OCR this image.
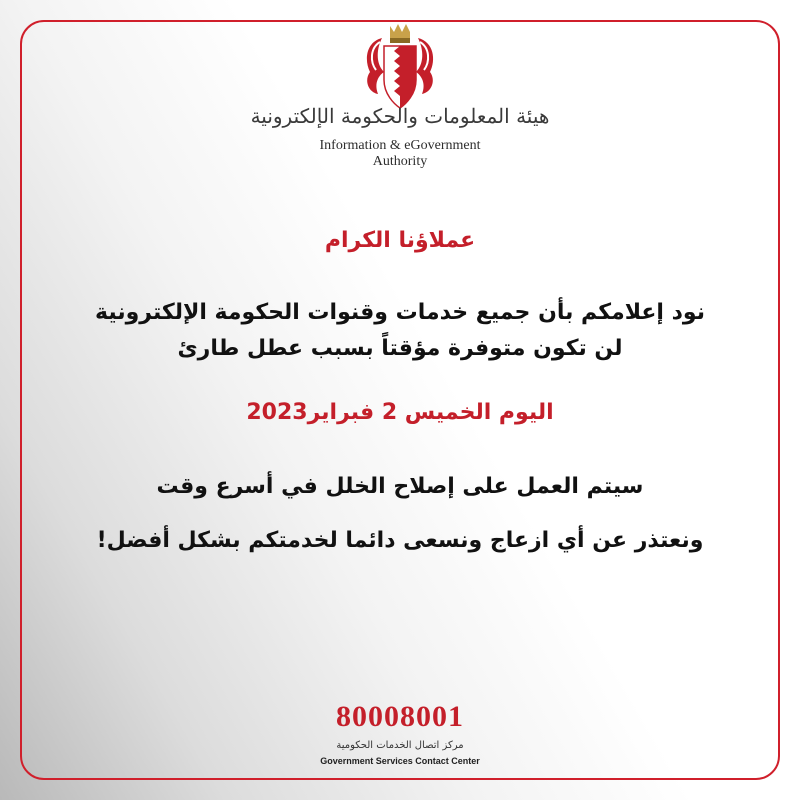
هيئة المعلومات والحكومة الإلكترونية
Information & eGovernment
Authority
عملاؤنا الكرام
نود إعلامكم بأن جميع خدمات وقنوات الحكومة الإلكترونية
لن تكون متوفرة مؤقتاً بسبب عطل طارئ
اليوم الخميس 2 فبراير2023
سيتم العمل على إصلاح الخلل في أسرع وقت
ونعتذر عن أي ازعاج ونسعى دائما لخدمتكم بشكل أفضل!
80008001
مركز اتصال الخدمات الحكومية
Government Services Contact Center
